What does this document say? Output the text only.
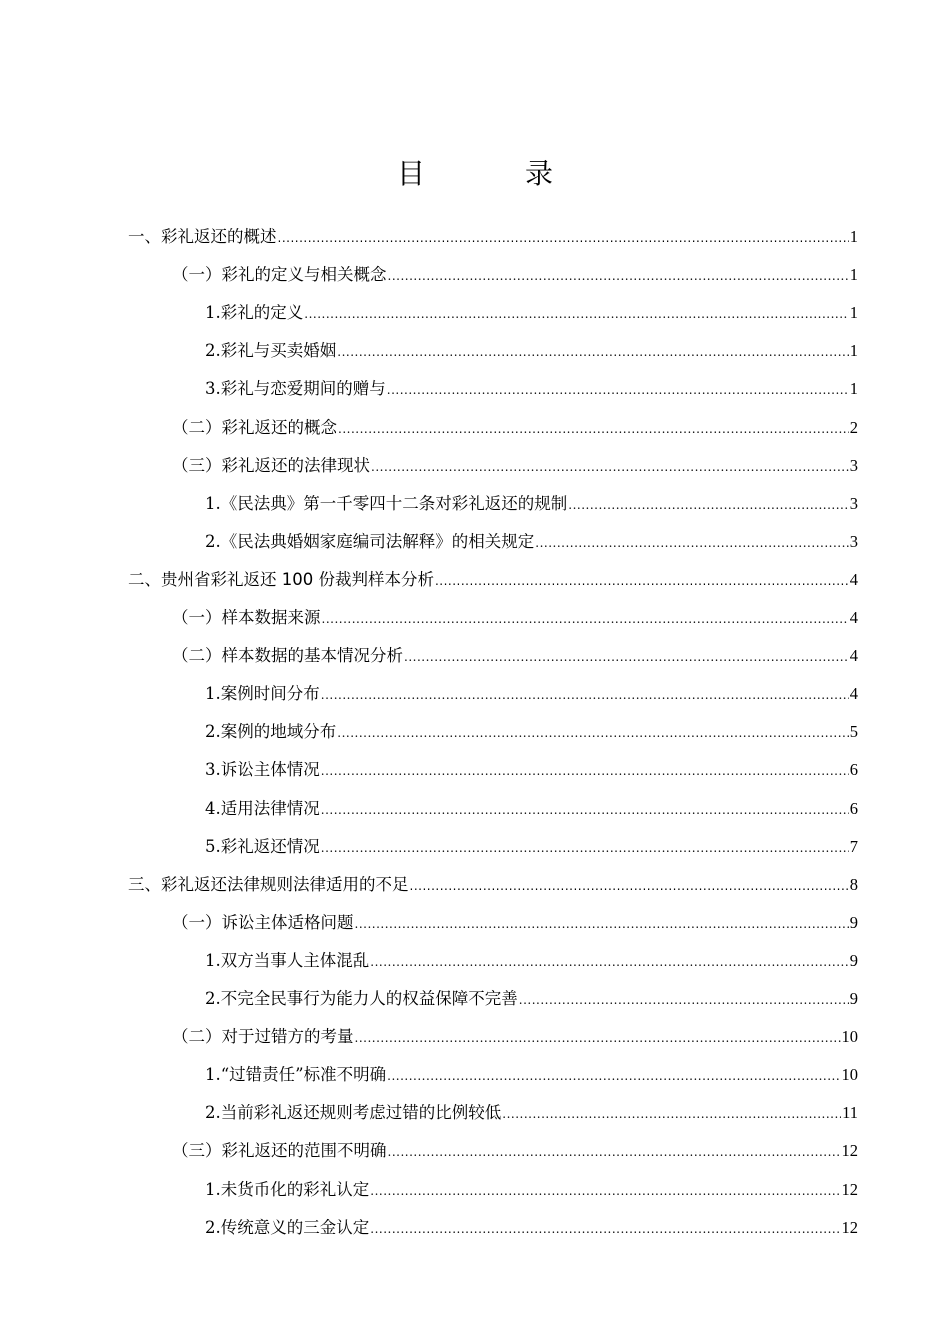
目　录
一、 彩礼返还的概述 .....	1
（一） 彩礼的定义与相关概念 .....	1
1. 彩礼的定义 .....	1
2. 彩礼与买卖婚姻 .....	1
3. 彩礼与恋爱期间的赠与 .....	1
（二） 彩礼返还的概念 .....	2
（三） 彩礼返还的法律现状 .....	3
1. 《民法典》第一千零四十二条对彩礼返还的规制 .....	3
2. 《民法典婚姻家庭编司法解释》的相关规定 .....	3
二、 贵州省彩礼返还 100 份裁判样本分析 .....	4
（一） 样本数据来源 .....	4
（二） 样本数据的基本情况分析 .....	4
1. 案例时间分布 .....	4
2. 案例的地域分布 .....	5
3. 诉讼主体情况 .....	6
4. 适用法律情况 .....	6
5. 彩礼返还情况 .....	7
三、 彩礼返还法律规则法律适用的不足 .....	8
（一） 诉讼主体适格问题 .....	9
1. 双方当事人主体混乱 .....	9
2. 不完全民事行为能力人的权益保障不完善 .....	9
（二） 对于过错方的考量 .....	10
1. “过错责任”标准不明确 .....	10
2. 当前彩礼返还规则考虑过错的比例较低 .....	11
（三） 彩礼返还的范围不明确 .....	12
1. 未货币化的彩礼认定 .....	12
2. 传统意义的三金认定 .....	12
